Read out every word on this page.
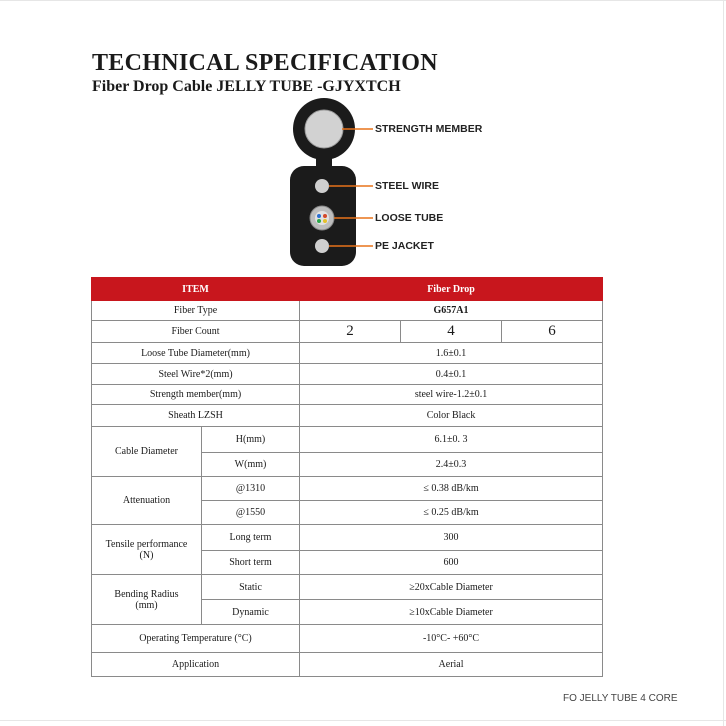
TECHNICAL SPECIFICATION
Fiber Drop Cable JELLY TUBE -GJYXTCH
STRENGTH MEMBER
STEEL WIRE
LOOSE TUBE
PE JACKET
ITEM		Fiber Drop		
Fiber Type		G657A1		
Fiber Count		2	4	6
Loose Tube Diameter(mm)		1.6±0.1		
Steel Wire*2(mm)		0.4±0.1		
Strength member(mm)		steel wire-1.2±0.1		
Sheath LZSH		Color Black		
Cable Diameter	H(mm)	6.1±0. 3		
	W(mm)	2.4±0.3		
Attenuation	@1310	≤ 0.38 dB/km		
	@1550	≤ 0.25 dB/km		
Tensile performance
(N)	Long term	300		
	Short term	600		
Bending Radius
(mm)	Static	≥20xCable Diameter		
	Dynamic	≥10xCable Diameter		
Operating Temperature (°C)		-10°C- +60°C		
Application		Aerial		
FO JELLY TUBE 4 CORE
